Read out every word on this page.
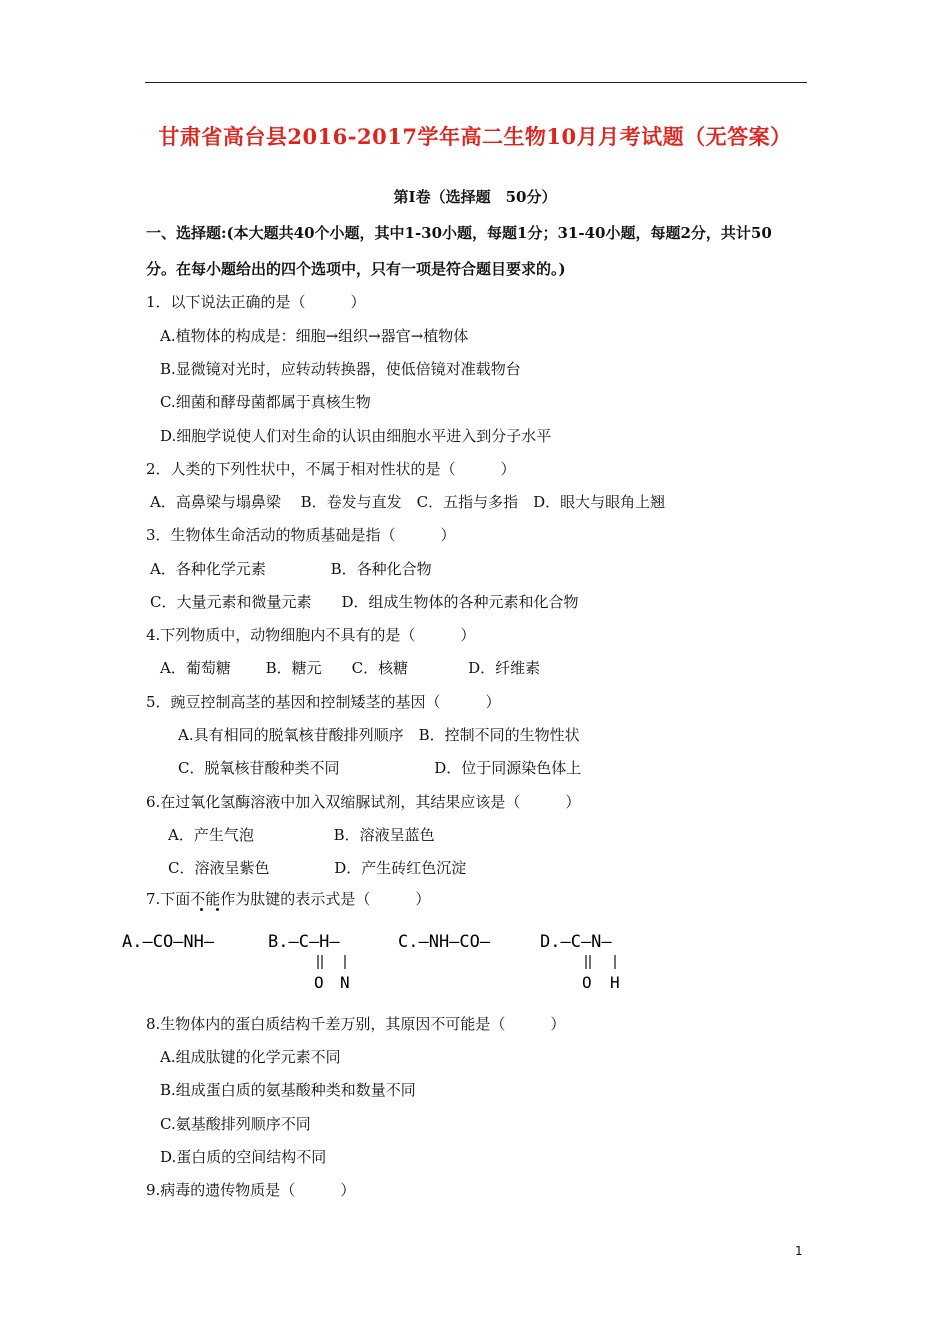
甘肃省高台县2016-2017学年高二生物10月月考试题（无答案）
第Ⅰ卷（选择题　50分）
一、选择题:(本大题共40个小题，其中1-30小题，每题1分；31-40小题，每题2分，共计50
分。在每小题给出的四个选项中，只有一项是符合题目要求的。)
1．以下说法正确的是（　　　）
A.植物体的构成是：细胞→组织→器官→植物体
B.显微镜对光时，应转动转换器，使低倍镜对准载物台
C.细菌和酵母菌都属于真核生物
D.细胞学说使人们对生命的认识由细胞水平进入到分子水平
2．人类的下列性状中，不属于相对性状的是（　　　）
A．高鼻梁与塌鼻梁　 B．卷发与直发　C．五指与多指　D．眼大与眼角上翘
3．生物体生命活动的物质基础是指（　　　）
A．各种化学元素　　　　 B．各种化合物
C．大量元素和微量元素　　D．组成生物体的各种元素和化合物
4.下列物质中，动物细胞内不具有的是（　　　）
A．葡萄糖　　 B．糖元　　C．核糖　　　　D．纤维素
5．豌豆控制高茎的基因和控制矮茎的基因（　　　）
A.具有相同的脱氧核苷酸排列顺序　B．控制不同的生物性状
C．脱氧核苷酸种类不同　　　　　　 D．位于同源染色体上
6.在过氧化氢酶溶液中加入双缩脲试剂，其结果应该是（　　　）
A．产生气泡　　　　　 B．溶液呈蓝色
C．溶液呈紫色　　　　 D．产生砖红色沉淀
7.下面不能作为肽键的表示式是（　　　）
A.—CO—NH—	B.—C—H—
O N
C.—NH—CO—	D.—C—N—
O H
8.生物体内的蛋白质结构千差万别，其原因不可能是（　　　）
A.组成肽键的化学元素不同
B.组成蛋白质的氨基酸种类和数量不同
C.氨基酸排列顺序不同
D.蛋白质的空间结构不同
9.病毒的遗传物质是（　　　）
1
